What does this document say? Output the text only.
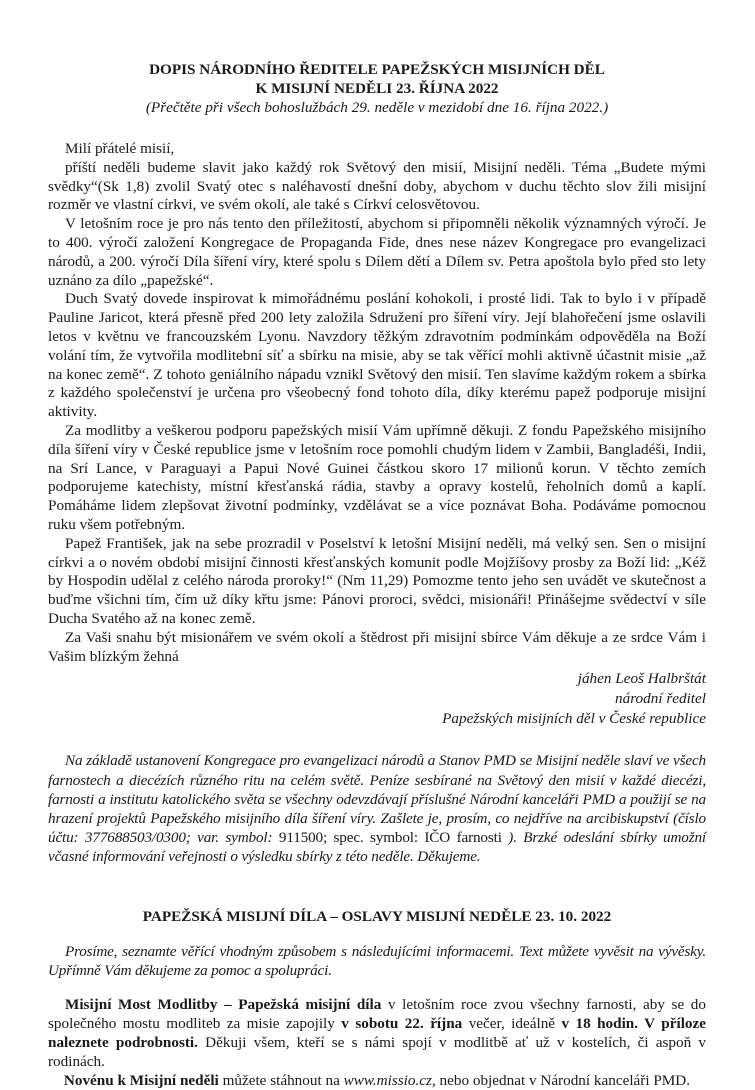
DOPIS NÁRODNÍHO ŘEDITELE PAPEŽSKÝCH MISIJNÍCH DĚL

K MISIJNÍ NEDĚLI 23. ŘÍJNA 2022

(Přečtěte při všech bohoslužbách 29. neděle v mezidobí dne 16. října 2022.)

Milí přátelé misií,

příští neděli budeme slavit jako každý rok Světový den misií, Misijní neděli. Téma „Budete mými svědky“(Sk 1,8) zvolil Svatý otec s naléhavostí dnešní doby, abychom v duchu těchto slov žili misijní rozměr ve vlastní církvi, ve svém okolí, ale také s Církví celosvětovou.

V letošním roce je pro nás tento den příležitostí, abychom si připomněli několik významných výročí. Je to 400. výročí založení Kongregace de Propaganda Fide, dnes nese název Kongregace pro evangelizaci národů, a 200. výročí Díla šíření víry, které spolu s Dílem dětí a Dílem sv. Petra apoštola bylo před sto lety uznáno za dílo „papežské“.

Duch Svatý dovede inspirovat k mimořádnému poslání kohokoli, i prosté lidi. Tak to bylo i v případě Pauline Jaricot, která přesně před 200 lety založila Sdružení pro šíření víry. Její blahořečení jsme oslavili letos v květnu ve francouzském Lyonu. Navzdory těžkým zdravotním podmínkám odpověděla na Boží volání tím, že vytvořila modlitební síť a sbírku na misie, aby se tak věřící mohli aktivně účastnit misie „až na konec země“. Z tohoto geniálního nápadu vznikl Světový den misií. Ten slavíme každým rokem a sbírka z každého společenství je určena pro všeobecný fond tohoto díla, díky kterému papež podporuje misijní aktivity.

Za modlitby a veškerou podporu papežských misií Vám upřímně děkuji. Z fondu Papežského misijního díla šíření víry v České republice jsme v letošním roce pomohli chudým lidem v Zambii, Bangladéši, Indii, na Srí Lance, v Paraguayi a Papui Nové Guinei částkou skoro 17 milionů korun. V těchto zemích podporujeme katechisty, místní křesťanská rádia, stavby a opravy kostelů, řeholních domů a kaplí. Pomáháme lidem zlepšovat životní podmínky, vzdělávat se a více poznávat Boha. Podáváme pomocnou ruku všem potřebným.

Papež František, jak na sebe prozradil v Poselství k letošní Misijní neděli, má velký sen. Sen o misijní církvi a o novém období misijní činnosti křesťanských komunit podle Mojžíšovy prosby za Boží lid: „Kéž by Hospodin udělal z celého národa proroky!“ (Nm 11,29) Pomozme tento jeho sen uvádět ve skutečnost a buďme všichni tím, čím už díky křtu jsme: Pánovi proroci, svědci, misionáři! Přinášejme svědectví v síle Ducha Svatého až na konec země.

Za Vaši snahu být misionářem ve svém okolí a štědrost při misijní sbírce Vám děkuje a ze srdce Vám i Vašim blízkým žehná

jáhen Leoš Halbrštát
národní ředitel
Papežských misijních děl v České republice

Na základě ustanovení Kongregace pro evangelizaci národů a Stanov PMD se Misijní neděle slaví ve všech farnostech a diecézích různého ritu na celém světě. Peníze sesbírané na Světový den misií v každé diecézi, farnosti a institutu katolického světa se všechny odevzdávají příslušné Národní kanceláři PMD a použijí se na hrazení projektů Papežského misijního díla šíření víry. Zašlete je, prosím, co nejdříve na arcibiskupství (číslo účtu: 377688503/0300; var. symbol: 911500; spec. symbol: IČO farnosti ). Brzké odeslání sbírky umožní včasné informování veřejnosti o výsledku sbírky z této neděle. Děkujeme.

PAPEŽSKÁ MISIJNÍ DÍLA – OSLAVY MISIJNÍ NEDĚLE 23. 10. 2022

Prosíme, seznamte věřící vhodným způsobem s následujícími informacemi. Text můžete vyvěsit na vývěsky. Upřímně Vám děkujeme za pomoc a spolupráci.

Misijní Most Modlitby – Papežská misijní díla v letošním roce zvou všechny farnosti, aby se do společného mostu modliteb za misie zapojily v sobotu 22. října večer, ideálně v 18 hodin. V příloze naleznete podrobnosti. Děkuji všem, kteří se s námi spojí v modlitbě ať už v kostelích, či aspoň v rodinách.

Novénu k Misijní neděli můžete stáhnout na www.missio.cz, nebo objednat v Národní kanceláři PMD.
